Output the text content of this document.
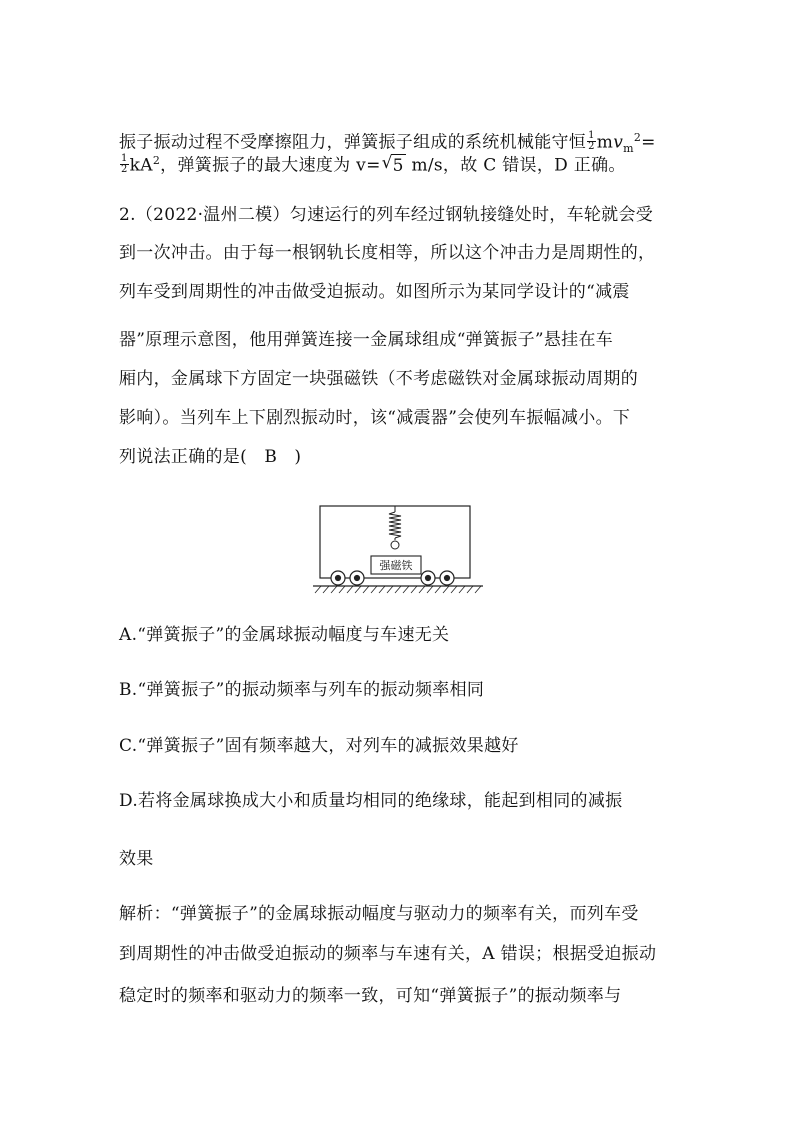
振子振动过程不受摩擦阻力，弹簧振子组成的系统机械能守恒 $\frac{1}{2} mv_m^2=$
$\frac{1}{2} kA^2$，弹簧振子的最大速度为 v=√ 5 m/s，故 C 错误，D 正确。
2.（2022·温州二模）匀速运行的列车经过钢轨接缝处时，车轮就会受
到一次冲击。由于每一根钢轨长度相等，所以这个冲击力是周期性的，
列车受到周期性的冲击做受迫振动。如图所示为某同学设计的“减震
器”原理示意图，他用弹簧连接一金属球组成“弹簧振子”悬挂在车
厢内，金属球下方固定一块强磁铁（不考虑磁铁对金属球振动周期的
影响）。当列车上下剧烈振动时，该“减震器”会使列车振幅减小。下
列说法正确的是(　B　)
强磁铁
A.“弹簧振子”的金属球振动幅度与车速无关
B.“弹簧振子”的振动频率与列车的振动频率相同
C.“弹簧振子”固有频率越大，对列车的减振效果越好
D.若将金属球换成大小和质量均相同的绝缘球，能起到相同的减振
效果
解析：“弹簧振子”的金属球振动幅度与驱动力的频率有关，而列车受
到周期性的冲击做受迫振动的频率与车速有关，A 错误；根据受迫振动
稳定时的频率和驱动力的频率一致，可知“弹簧振子”的振动频率与
